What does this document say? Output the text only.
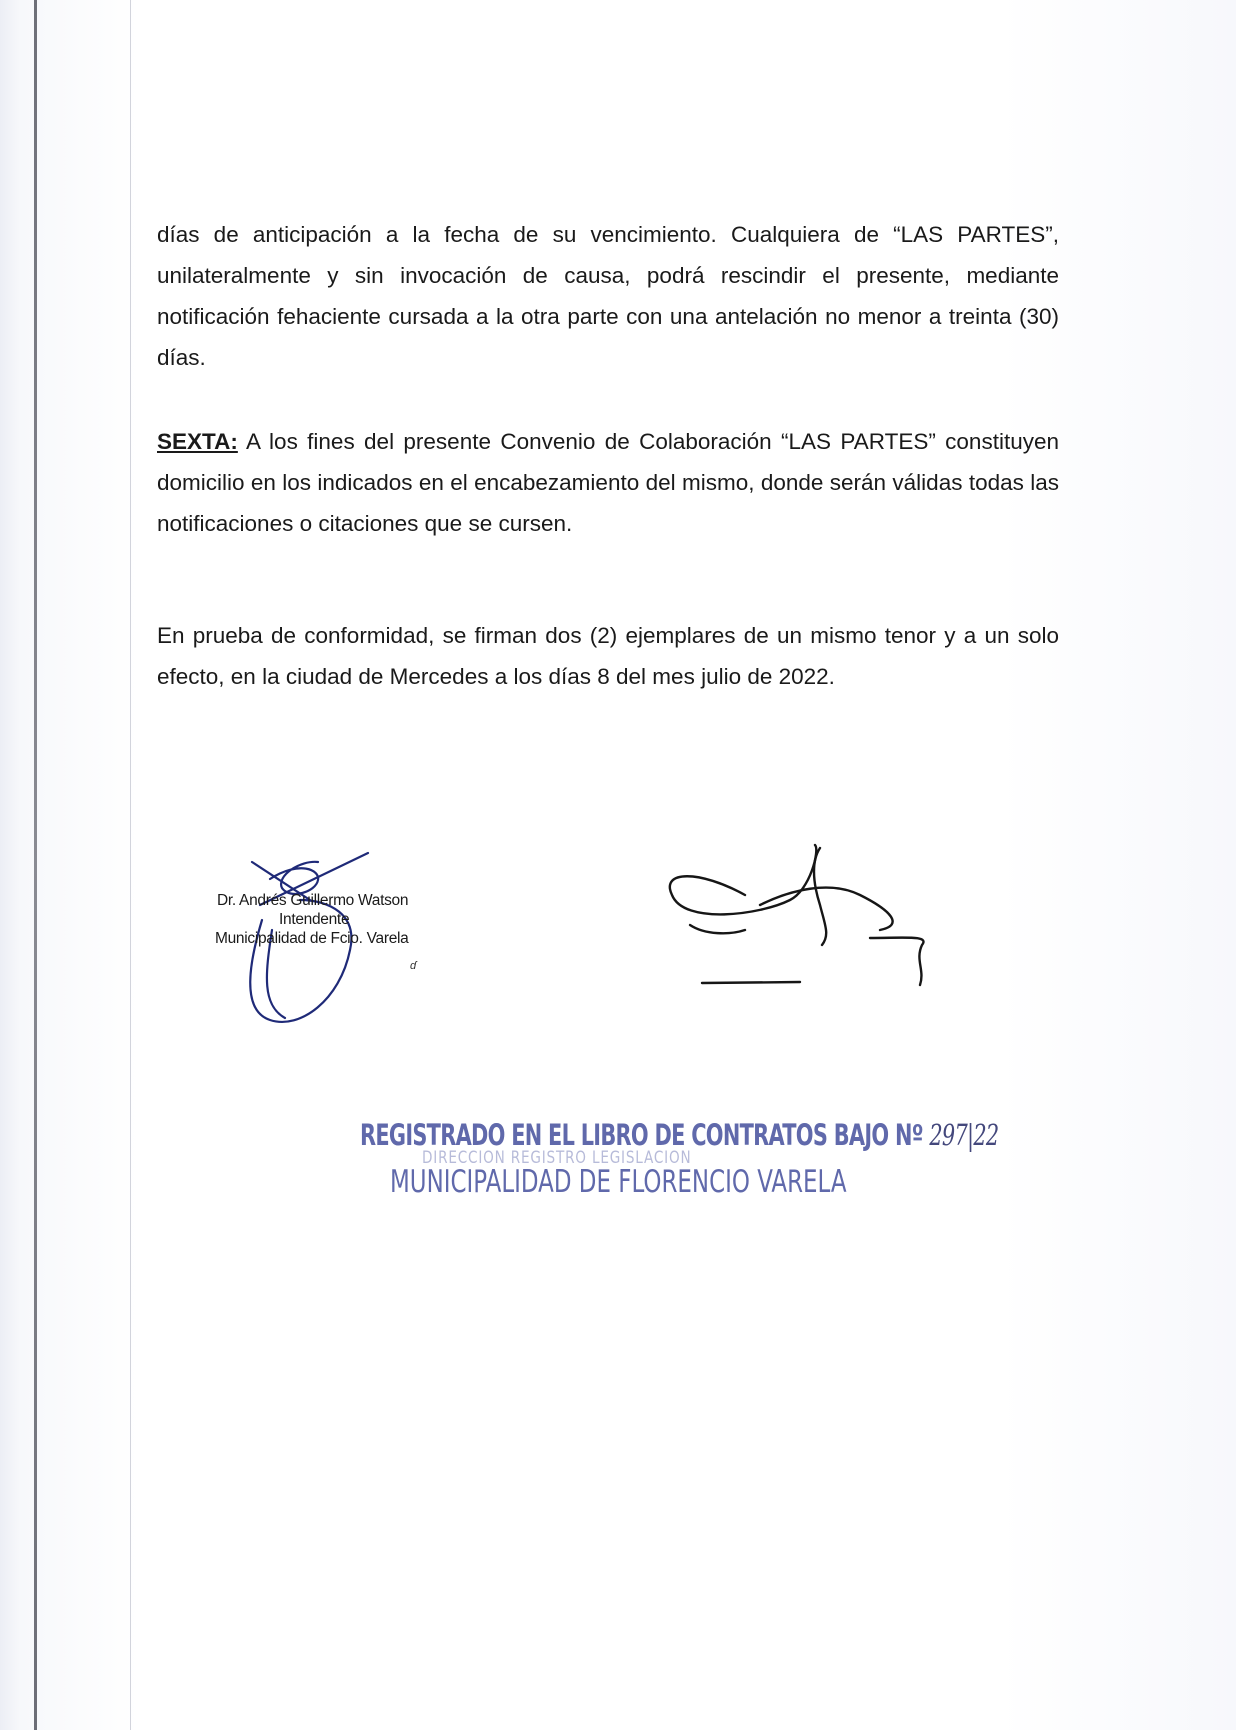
días de anticipación a la fecha de su vencimiento. Cualquiera de “LAS PARTES”, unilateralmente y sin invocación de causa, podrá rescindir el presente, mediante notificación fehaciente cursada a la otra parte con una antelación no menor a treinta (30) días.

SEXTA: A los fines del presente Convenio de Colaboración “LAS PARTES” constituyen domicilio en los indicados en el encabezamiento del mismo, donde serán válidas todas las notificaciones o citaciones que se cursen.

En prueba de conformidad, se firman dos (2) ejemplares de un mismo tenor y a un solo efecto, en la ciudad de Mercedes a los días 8 del mes julio de 2022.

Dr. Andrés Guillermo Watson
Intendente
Municipalidad de Fcio. Varela
ɗ
REGISTRADO EN EL LIBRO DE CONTRATOS BAJO Nº 297|22
DIRECCION REGISTRO LEGISLACION
MUNICIPALIDAD DE FLORENCIO VARELA
